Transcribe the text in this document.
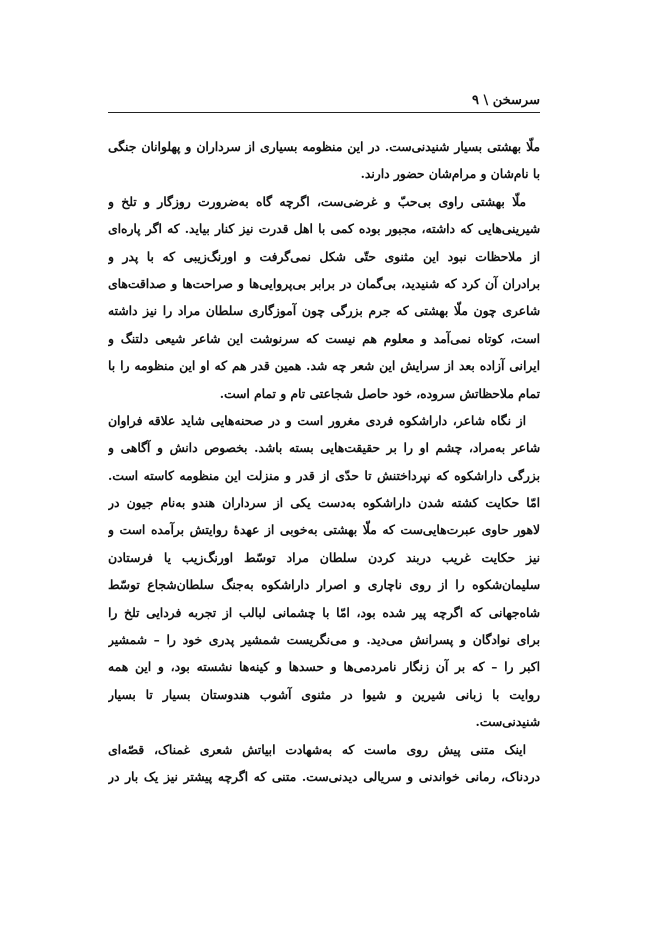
سرسخن \ ۹
ملّا بهشتی بسیار شنیدنی‌ست. در این منظومه بسیاری از سرداران و پهلوانان جنگی
با نام‌شان و مرام‌شان حضور دارند.
ملّا بهشتی راوی بی‌حبّ و غرضی‌ست، اگرچه گاه به‌ضرورت روزگار و تلخ و
شیرینی‌هایی که داشته، مجبور بوده کمی با اهل قدرت نیز کنار بیاید. که اگر پاره‌ای
از ملاحظات نبود این مثنوی حتّی شکل نمی‌گرفت و اورنگ‌زیبی که با پدر و
برادران آن کرد که شنیدید، بی‌گمان در برابر بی‌پروایی‌ها و صراحت‌ها و صداقت‌های
شاعری چون ملّا بهشتی که جرم بزرگی چون آموزگاری سلطان مراد را نیز داشته
است، کوتاه نمی‌آمد و معلوم هم نیست که سرنوشت این شاعر شیعی دلتنگ و
ایرانی آزاده بعد از سرایش این شعر چه شد. همین قدر هم که او این منظومه را با
تمام ملاحظاتش سروده، خود حاصل شجاعتی تام و تمام است.
از نگاه شاعر، داراشکوه فردی مغرور است و در صحنه‌هایی شاید علاقه فراوان
شاعر به‌مراد، چشم او را بر حقیقت‌هایی بسته باشد. بخصوص دانش و آگاهی و
بزرگی داراشکوه که نپرداختنش تا حدّی از قدر و منزلت این منظومه کاسته است.
امّا حکایت کشته شدن داراشکوه به‌دست یکی از سرداران هندو به‌نام جیون در
لاهور حاوی عبرت‌هایی‌ست که ملّا بهشتی به‌خوبی از عهدهٔ روایتش برآمده است و
نیز حکایت غریب دربند کردن سلطان مراد توسّط اورنگ‌زیب یا فرستادن
سلیمان‌شکوه را از روی ناچاری و اصرار داراشکوه به‌جنگ سلطان‌شجاع توسّط
شاه‌جهانی که اگرچه پیر شده بود، امّا با چشمانی لبالب از تجربه فردایی تلخ را
برای نوادگان و پسرانش می‌دید. و می‌نگریست شمشیر پدری خود را – شمشیر
اکبر را – که بر آن زنگار نامردمی‌ها و حسدها و کینه‌ها نشسته بود، و این همه
روایت با زبانی شیرین و شیوا در مثنوی آشوب هندوستان بسیار تا بسیار
شنیدنی‌ست.
اینک متنی پیش روی ماست که به‌شهادت ابیاتش شعری غمناک، قصّه‌ای
دردناک، رمانی خواندنی و سریالی دیدنی‌ست. متنی که اگرچه پیشتر نیز یک بار در
